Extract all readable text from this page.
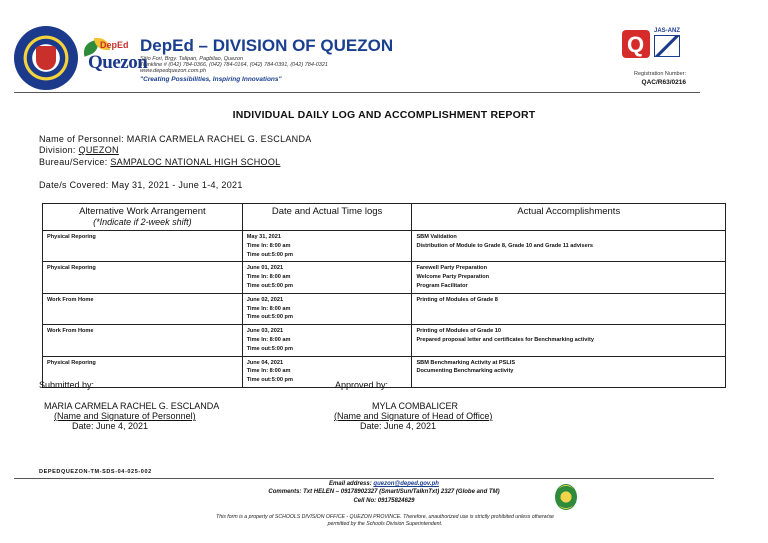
DepEd
Quezon
DepEd – DIVISION OF QUEZON
Sitio Fori, Brgy. Talipan, Pagbilao, Quezon
Trunkline # (042) 784-0366, (042) 784-0164, (042) 784-0391, (042) 784-0321
www.depedquezon.com.ph
"Creating Possibilities, Inspiring Innovations"
Q
JAS-ANZ
Registration Number:
QAC/R63/0216
INDIVIDUAL DAILY LOG AND ACCOMPLISHMENT REPORT
Name of Personnel: MARIA CARMELA RACHEL G. ESCLANDA
Division: QUEZON
Bureau/Service: SAMPALOC NATIONAL HIGH SCHOOL
Date/s Covered: May 31, 2021 - June 1-4, 2021
Alternative Work Arrangement
(*Indicate if 2-week shift)	Date and Actual Time logs	Actual Accomplishments
Physical Reporing	May 31, 2021
Time In: 8:00 am
Time out:5:00 pm	SBM Validation
Distribution of Module to Grade 8, Grade 10 and Grade 11 advisers

Physical Reporing	June 01, 2021
Time In: 8:00 am
Time out:5:00 pm	Farewell Party Preparation
Welcome Party Preparation
Program Facilitator

Work From Home	June 02, 2021
Time In: 8:00 am
Time out:5:00 pm	Printing of Modules of Grade 8

Work From Home	June 03, 2021
Time In: 8:00 am
Time out:5:00 pm	Printing of Modules of Grade 10
Prepared proposal letter and certificates for Benchmarking activity

Physical Reporing	June 04, 2021
Time In: 8:00 am
Time out:5:00 pm	SBM Benchmarking Activity at PSLIS
Documenting Benchmarking activity
Submitted by:
MARIA CARMELA RACHEL G. ESCLANDA
(Name and Signature of Personnel)
Date: June 4, 2021
Approved by:
MYLA COMBALICER
(Name and Signature of Head of Office)
Date: June 4, 2021
DEPEDQUEZON-TM-SDS-04-025-002
Email address: quezon@deped.gov.ph
Comments: Txt HELEN – 09178902327 (Smart/Sun/TalknTxt) 2327 (Globe and TM)
Cell No: 09175824629
This form is a property of SCHOOLS DIVISION OFFICE - QUEZON PROVINCE. Therefore, unauthorized use is strictly prohibited unless otherwise
permitted by the Schools Division Superintendent.
